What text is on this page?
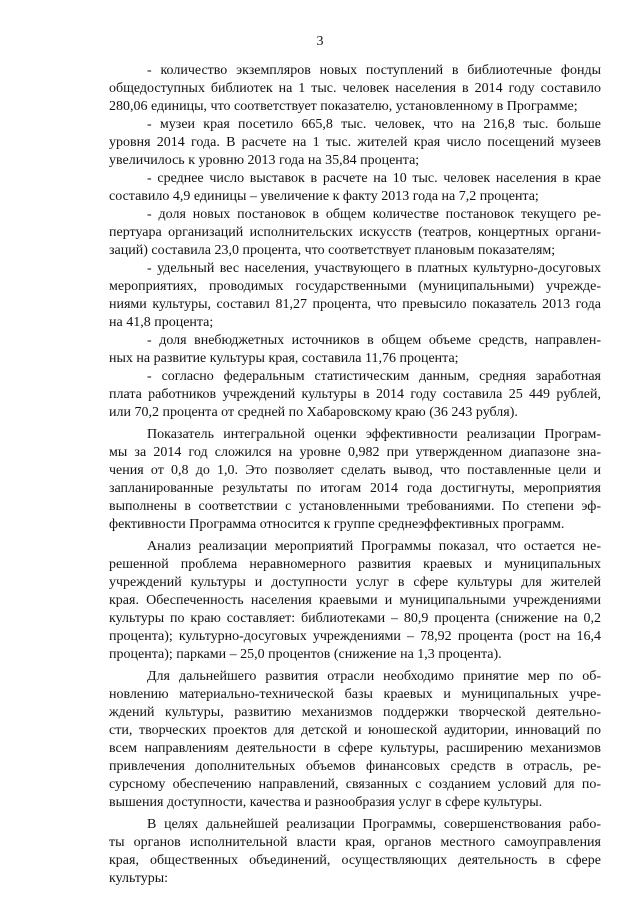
3

- количество экземпляров новых поступлений в библиотечные фонды

общедоступных библиотек на 1 тыс. человек населения в 2014 году составило

280,06 единицы, что соответствует показателю, установленному в Программе;

- музеи края посетило 665,8 тыс. человек, что на 216,8 тыс. больше

уровня 2014 года. В расчете на 1 тыс. жителей края число посещений музеев

увеличилось к уровню 2013 года на 35,84 процента;

- среднее число выставок в расчете на 10 тыс. человек населения в крае

составило 4,9 единицы – увеличение к факту 2013 года на 7,2 процента;

- доля новых постановок в общем количестве постановок текущего ре-

пертуара организаций исполнительских искусств (театров, концертных органи-

заций) составила 23,0 процента, что соответствует плановым показателям;

- удельный вес населения, участвующего в платных культурно-досуговых

мероприятиях, проводимых государственными (муниципальными) учрежде-

ниями культуры, составил 81,27 процента, что превысило показатель 2013 года

на 41,8 процента;

- доля внебюджетных источников в общем объеме средств, направлен-

ных на развитие культуры края, составила 11,76 процента;

- согласно федеральным статистическим данным, средняя заработная

плата работников учреждений культуры в 2014 году составила 25 449 рублей,

или 70,2 процента от средней по Хабаровскому краю (36 243 рубля).

Показатель интегральной оценки эффективности реализации Програм-

мы за 2014 год сложился на уровне 0,982 при утвержденном диапазоне зна-

чения от 0,8 до 1,0. Это позволяет сделать вывод, что поставленные цели и

запланированные результаты по итогам 2014 года достигнуты, мероприятия

выполнены в соответствии с установленными требованиями. По степени эф-

фективности Программа относится к группе среднеэффективных программ.

Анализ реализации мероприятий Программы показал, что остается не-

решенной проблема неравномерного развития краевых и муниципальных

учреждений культуры и доступности услуг в сфере культуры для жителей

края. Обеспеченность населения краевыми и муниципальными учреждениями

культуры по краю составляет: библиотеками – 80,9 процента (снижение на 0,2

процента); культурно-досуговых учреждениями – 78,92 процента (рост на 16,4

процента); парками – 25,0 процентов (снижение на 1,3 процента).

Для дальнейшего развития отрасли необходимо принятие мер по об-

новлению материально-технической базы краевых и муниципальных учре-

ждений культуры, развитию механизмов поддержки творческой деятельно-

сти, творческих проектов для детской и юношеской аудитории, инноваций по

всем направлениям деятельности в сфере культуры, расширению механизмов

привлечения дополнительных объемов финансовых средств в отрасль, ре-

сурсному обеспечению направлений, связанных с созданием условий для по-

вышения доступности, качества и разнообразия услуг в сфере культуры.

В целях дальнейшей реализации Программы, совершенствования рабо-

ты органов исполнительной власти края, органов местного самоуправления

края, общественных объединений, осуществляющих деятельность в сфере

культуры:
